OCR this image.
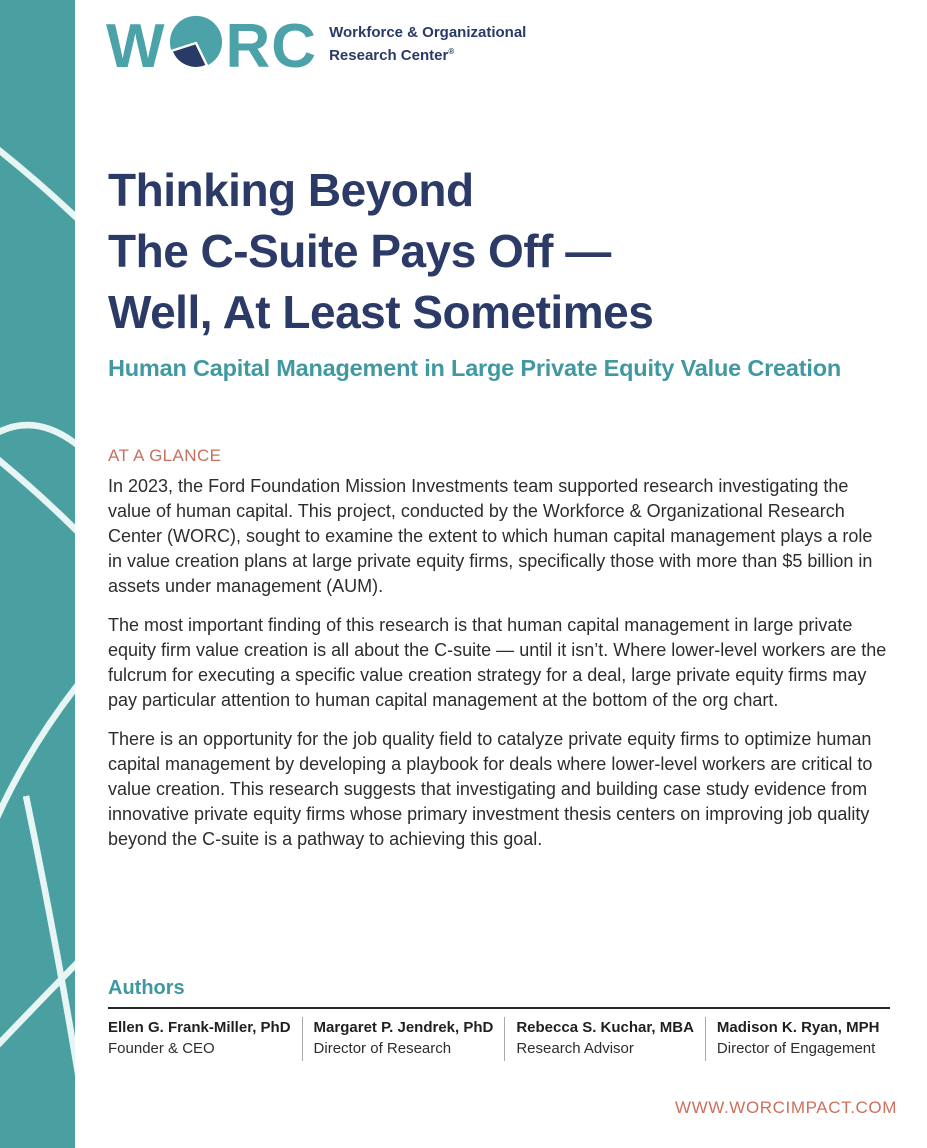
W RC Workforce & Organizational
Research Center®
Thinking Beyond
The C-Suite Pays Off —
Well, At Least Sometimes
Human Capital Management in Large Private Equity Value Creation
AT A GLANCE

In 2023, the Ford Foundation Mission Investments team supported research investigating the value of human capital. This project, conducted by the Workforce & Organizational Research Center (WORC), sought to examine the extent to which human capital management plays a role in value creation plans at large private equity firms, specifically those with more than $5 billion in assets under management (AUM).

The most important finding of this research is that human capital management in large private equity firm value creation is all about the C-suite — until it isn’t. Where lower-level workers are the fulcrum for executing a specific value creation strategy for a deal, large private equity firms may pay particular attention to human capital management at the bottom of the org chart.

There is an opportunity for the job quality field to catalyze private equity firms to optimize human capital management by developing a playbook for deals where lower-level workers are critical to value creation. This research suggests that investigating and building case study evidence from innovative private equity firms whose primary investment thesis centers on improving job quality beyond the C-suite is a pathway to achieving this goal.

Authors
Ellen G. Frank-Miller, PhD
Founder & CEO
Margaret P. Jendrek, PhD
Director of Research
Rebecca S. Kuchar, MBA
Research Advisor
Madison K. Ryan, MPH
Director of Engagement
WWW.WORCIMPACT.COM
